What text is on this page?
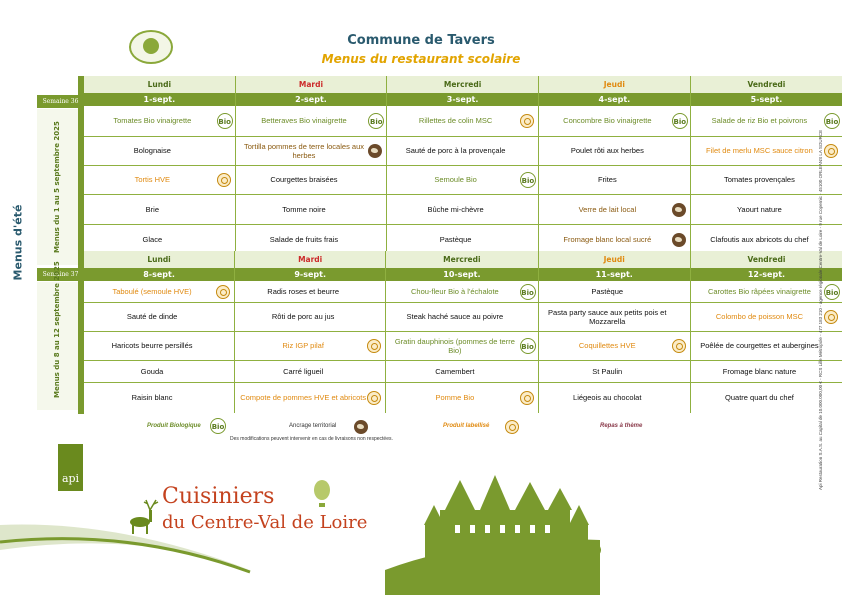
Commune de Tavers
Menus du restaurant scolaire
Menus d'été
Lundi	Mardi	Mercredi	Jeudi	Vendredi
1-sept.	2-sept.	3-sept.	4-sept.	5-sept.
Tomates Bio vinaigrette Bio	Betteraves Bio vinaigrette Bio	Rillettes de colin MSC	Concombre Bio vinaigrette Bio	Salade de riz Bio et poivrons Bio

Bolognaise	Tortilla pommes de terre locales aux herbes	Sauté de porc à la provençale	Poulet rôti aux herbes	Filet de merlu MSC sauce citron

Tortis HVE	Courgettes braisées	Semoule Bio Bio	Frites	Tomates provençales
Brie	Tomme noire	Bûche mi-chèvre	Verre de lait local	Yaourt nature
Glace	Salade de fruits frais	Pastèque	Fromage blanc local sucré	Clafoutis aux abricots du chef
Semaine 36
Menus du 1 au 5 septembre 2025
Lundi	Mardi	Mercredi	Jeudi	Vendredi
8-sept.	9-sept.	10-sept.	11-sept.	12-sept.
Taboulé (semoule HVE)	Radis roses et beurre	Chou-fleur Bio à l'échalote Bio	Pastèque	Carottes Bio râpées vinaigrette Bio

Sauté de dinde	Rôti de porc au jus	Steak haché sauce au poivre	Pasta party sauce aux petits pois et Mozzarella	Colombo de poisson MSC

Haricots beurre persillés	Riz IGP pilaf	Gratin dauphinois (pommes de terre Bio) Bio	Coquillettes HVE	Poêlée de courgettes et aubergines
Gouda	Carré ligueil	Camembert	St Paulin	Fromage blanc nature
Raisin blanc	Compote de pommes HVE et abricots	Pomme Bio	Liégeois au chocolat	Quatre quart du chef
Semaine 37
Menus du 8 au 12 septembre 2025
Produit Biologique Bio	Ancrage territorial	Produit labellisé	Repas à thème
Des modifications peuvent intervenir en cas de livraisons non respectées.
api
Cuisiniers
du Centre-Val de Loire
Api Restauration S.A.S. au Capital de 10.000.000,00 € - RCS Lille Métropole - 477 183 210 - agence régionale Centre-Val de Loire - 9 rue Copernic - 45100 ORLEANS LA SOURCE
